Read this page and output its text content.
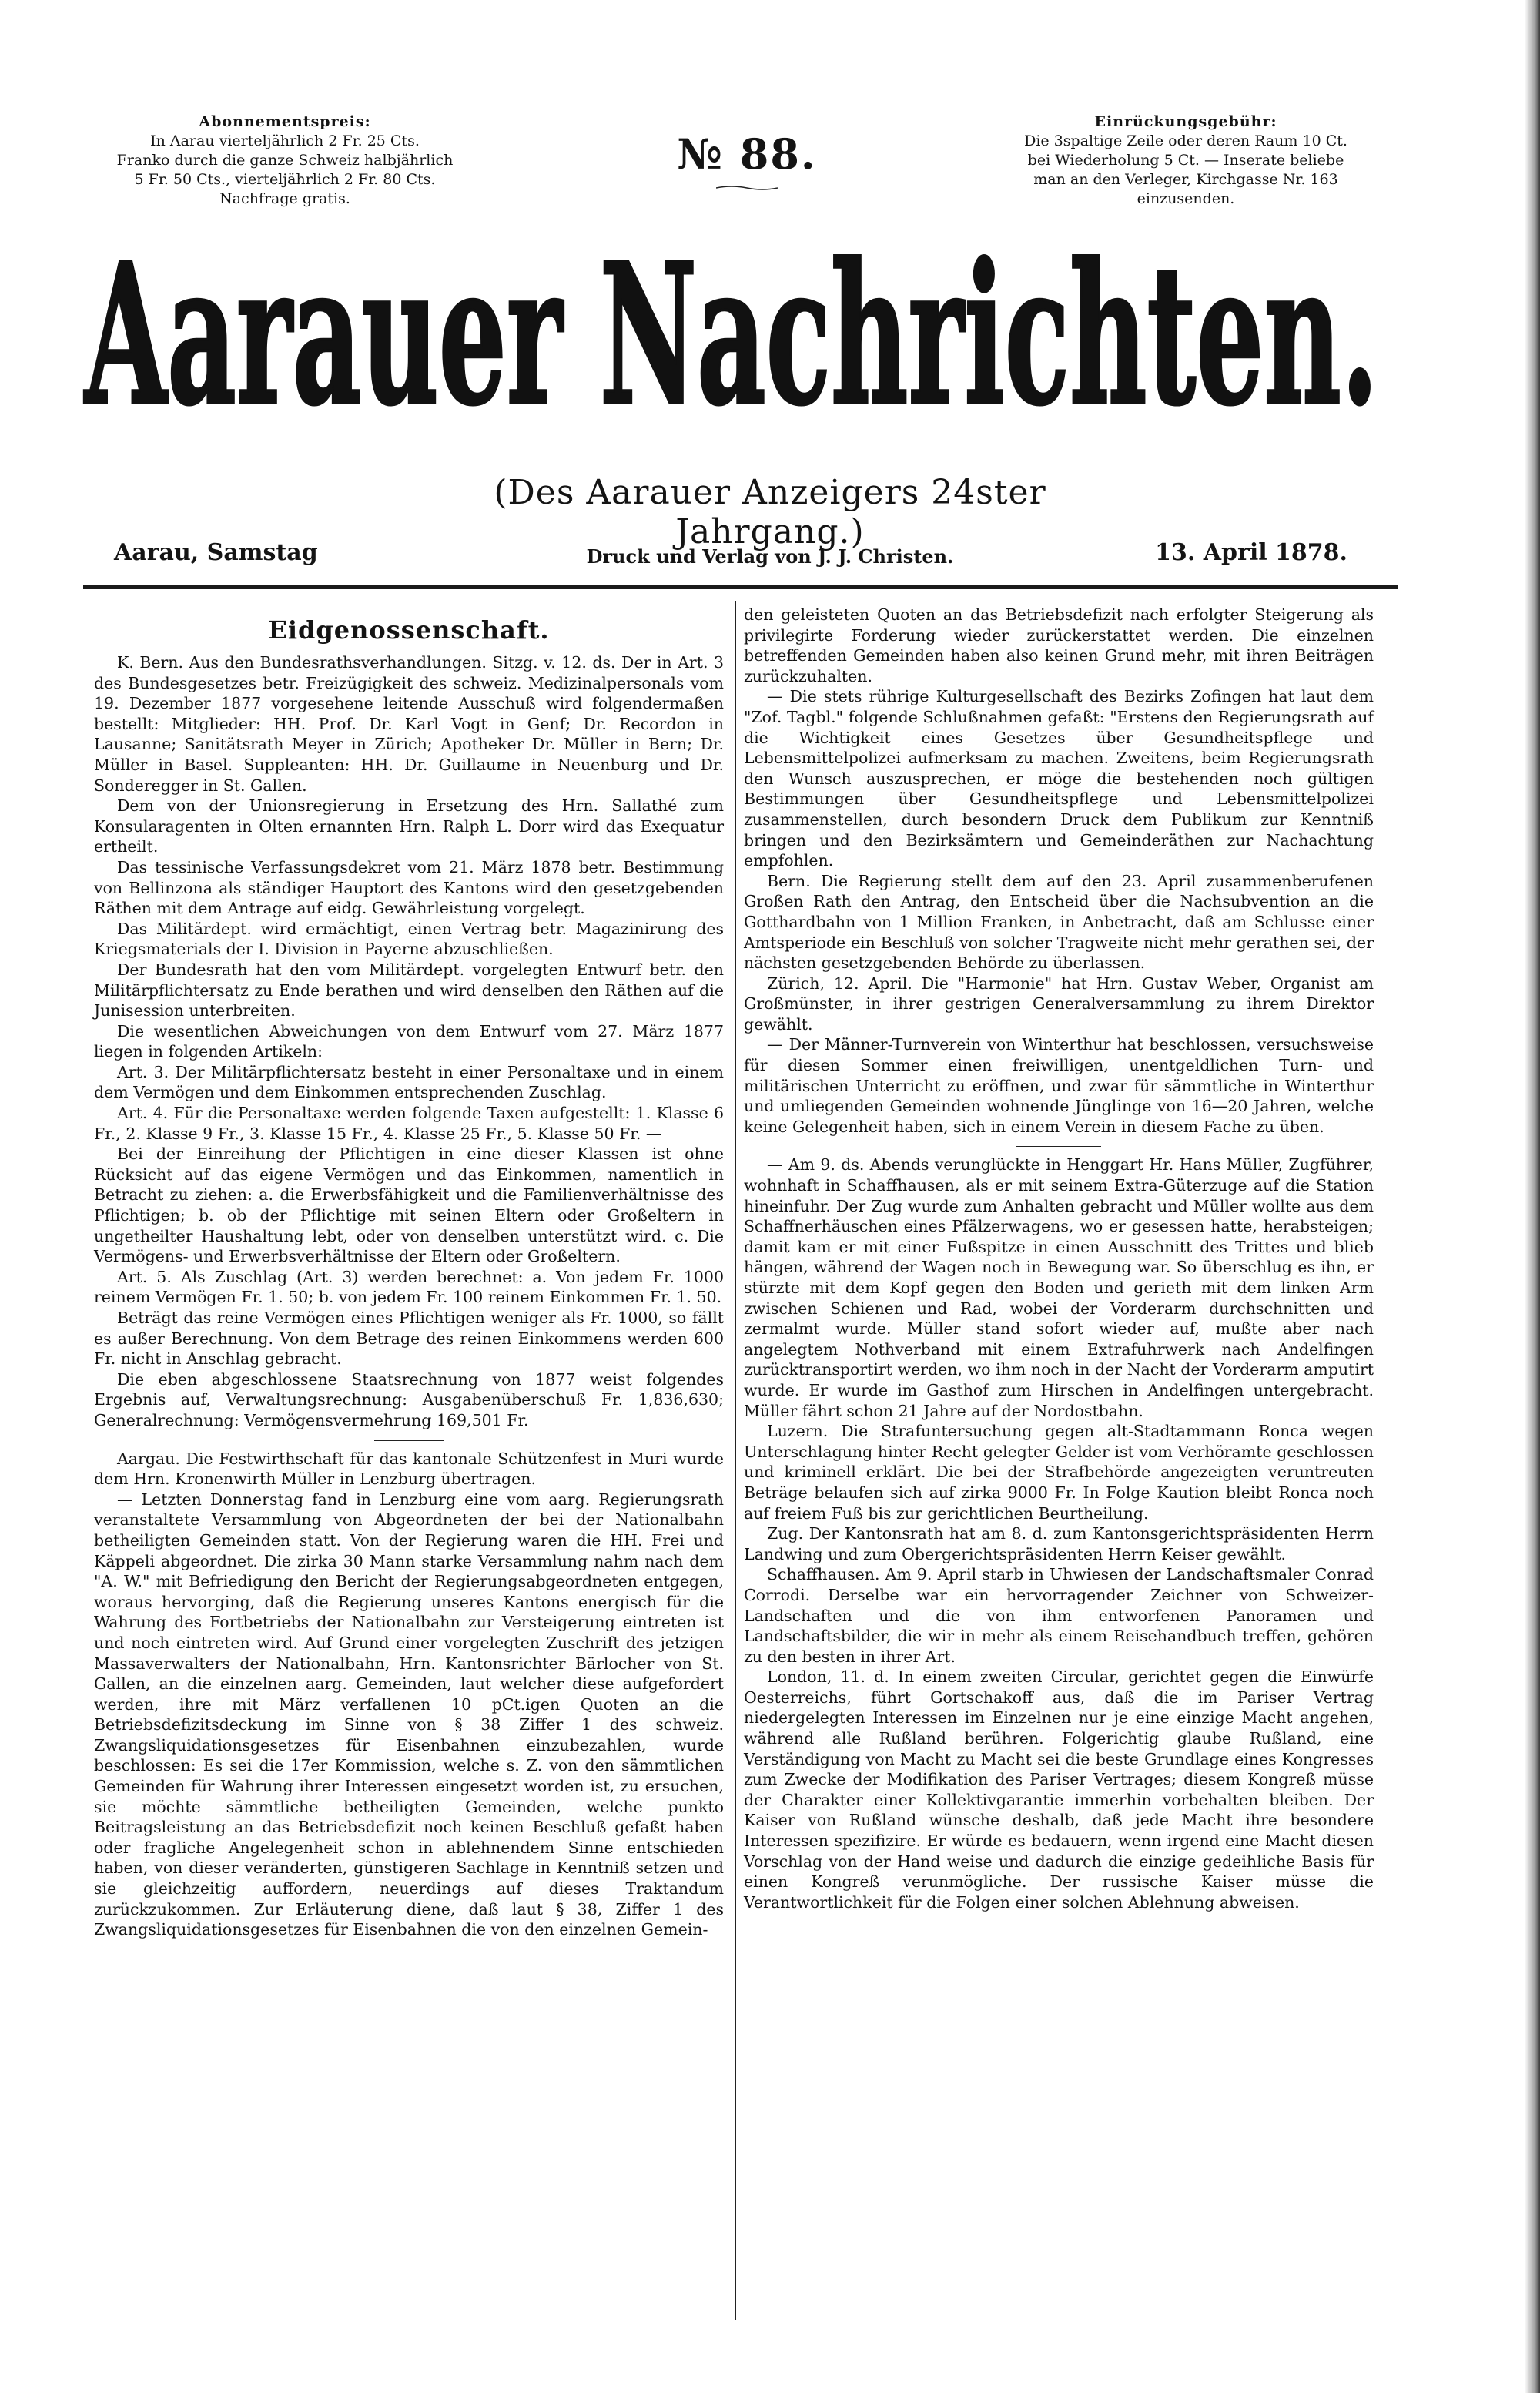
Abonnementspreis:
In Aarau vierteljährlich 2 Fr. 25 Cts.
Franko durch die ganze Schweiz halbjährlich
5 Fr. 50 Cts., vierteljährlich 2 Fr. 80 Cts.
Nachfrage gratis.
№ 88.
Einrückungsgebühr:
Die 3spaltige Zeile oder deren Raum 10 Ct.
bei Wiederholung 5 Ct. — Inserate beliebe
man an den Verleger, Kirchgasse Nr. 163
einzusenden.
Aarauer Nachrichten.
(Des Aarauer Anzeigers 24ster Jahrgang.)
Aarau, Samstag	Druck und Verlag von J. J. Christen.	13. April 1878.
Eidgenossenschaft.

K. Bern. Aus den Bundesrathsverhandlungen. Sitzg. v. 12. ds. Der in Art. 3 des Bundesgesetzes betr. Freizügigkeit des schweiz. Medizinalpersonals vom 19. Dezember 1877 vorgesehene leitende Ausschuß wird folgendermaßen bestellt: Mitglieder: HH. Prof. Dr. Karl Vogt in Genf; Dr. Recordon in Lausanne; Sanitätsrath Meyer in Zürich; Apotheker Dr. Müller in Bern; Dr. Müller in Basel. Suppleanten: HH. Dr. Guillaume in Neuenburg und Dr. Sonderegger in St. Gallen.

Dem von der Unionsregierung in Ersetzung des Hrn. Sallathé zum Konsularagenten in Olten ernannten Hrn. Ralph L. Dorr wird das Exequatur ertheilt.

Das tessinische Verfassungsdekret vom 21. März 1878 betr. Bestimmung von Bellinzona als ständiger Hauptort des Kantons wird den gesetzgebenden Räthen mit dem Antrage auf eidg. Gewährleistung vorgelegt.

Das Militärdept. wird ermächtigt, einen Vertrag betr. Magazinirung des Kriegsmaterials der I. Division in Payerne abzuschließen.

Der Bundesrath hat den vom Militärdept. vorgelegten Entwurf betr. den Militärpflichtersatz zu Ende berathen und wird denselben den Räthen auf die Junisession unterbreiten.

Die wesentlichen Abweichungen von dem Entwurf vom 27. März 1877 liegen in folgenden Artikeln:

Art. 3. Der Militärpflichtersatz besteht in einer Personaltaxe und in einem dem Vermögen und dem Einkommen entsprechenden Zuschlag.

Art. 4. Für die Personaltaxe werden folgende Taxen aufgestellt: 1. Klasse 6 Fr., 2. Klasse 9 Fr., 3. Klasse 15 Fr., 4. Klasse 25 Fr., 5. Klasse 50 Fr. —

Bei der Einreihung der Pflichtigen in eine dieser Klassen ist ohne Rücksicht auf das eigene Vermögen und das Einkommen, namentlich in Betracht zu ziehen: a. die Erwerbsfähigkeit und die Familienverhältnisse des Pflichtigen; b. ob der Pflichtige mit seinen Eltern oder Großeltern in ungetheilter Haushaltung lebt, oder von denselben unterstützt wird. c. Die Vermögens- und Erwerbsverhältnisse der Eltern oder Großeltern.

Art. 5. Als Zuschlag (Art. 3) werden berechnet: a. Von jedem Fr. 1000 reinem Vermögen Fr. 1. 50; b. von jedem Fr. 100 reinem Einkommen Fr. 1. 50.

Beträgt das reine Vermögen eines Pflichtigen weniger als Fr. 1000, so fällt es außer Berechnung. Von dem Betrage des reinen Einkommens werden 600 Fr. nicht in Anschlag gebracht.

Die eben abgeschlossene Staatsrechnung von 1877 weist folgendes Ergebnis auf, Verwaltungsrechnung: Ausgabenüberschuß Fr. 1,836,630; Generalrechnung: Vermögensvermehrung 169,501 Fr.

Aargau. Die Festwirthschaft für das kantonale Schützenfest in Muri wurde dem Hrn. Kronenwirth Müller in Lenzburg übertragen.

— Letzten Donnerstag fand in Lenzburg eine vom aarg. Regierungsrath veranstaltete Versammlung von Abgeordneten der bei der Nationalbahn betheiligten Gemeinden statt. Von der Regierung waren die HH. Frei und Käppeli abgeordnet. Die zirka 30 Mann starke Versammlung nahm nach dem "A. W." mit Befriedigung den Bericht der Regierungsabgeordneten entgegen, woraus hervorging, daß die Regierung unseres Kantons energisch für die Wahrung des Fortbetriebs der Nationalbahn zur Versteigerung eintreten ist und noch eintreten wird. Auf Grund einer vorgelegten Zuschrift des jetzigen Massaverwalters der Nationalbahn, Hrn. Kantonsrichter Bärlocher von St. Gallen, an die einzelnen aarg. Gemeinden, laut welcher diese aufgefordert werden, ihre mit März verfallenen 10 pCt.igen Quoten an die Betriebsdefizitsdeckung im Sinne von § 38 Ziffer 1 des schweiz. Zwangsliquidationsgesetzes für Eisenbahnen einzubezahlen, wurde beschlossen: Es sei die 17er Kommission, welche s. Z. von den sämmtlichen Gemeinden für Wahrung ihrer Interessen eingesetzt worden ist, zu ersuchen, sie möchte sämmtliche betheiligten Gemeinden, welche punkto Beitragsleistung an das Betriebsdefizit noch keinen Beschluß gefaßt haben oder fragliche Angelegenheit schon in ablehnendem Sinne entschieden haben, von dieser veränderten, günstigeren Sachlage in Kenntniß setzen und sie gleichzeitig auffordern, neuerdings auf dieses Traktandum zurückzukommen. Zur Erläuterung diene, daß laut § 38, Ziffer 1 des Zwangsliquidationsgesetzes für Eisenbahnen die von den einzelnen Gemein-

den geleisteten Quoten an das Betriebsdefizit nach erfolgter Steigerung als privilegirte Forderung wieder zurückerstattet werden. Die einzelnen betreffenden Gemeinden haben also keinen Grund mehr, mit ihren Beiträgen zurückzuhalten.

— Die stets rührige Kulturgesellschaft des Bezirks Zofingen hat laut dem "Zof. Tagbl." folgende Schlußnahmen gefaßt: "Erstens den Regierungsrath auf die Wichtigkeit eines Gesetzes über Gesundheitspflege und Lebensmittelpolizei aufmerksam zu machen. Zweitens, beim Regierungsrath den Wunsch auszusprechen, er möge die bestehenden noch gültigen Bestimmungen über Gesundheitspflege und Lebensmittelpolizei zusammenstellen, durch besondern Druck dem Publikum zur Kenntniß bringen und den Bezirksämtern und Gemeinderäthen zur Nachachtung empfohlen.

Bern. Die Regierung stellt dem auf den 23. April zusammenberufenen Großen Rath den Antrag, den Entscheid über die Nachsubvention an die Gotthardbahn von 1 Million Franken, in Anbetracht, daß am Schlusse einer Amtsperiode ein Beschluß von solcher Tragweite nicht mehr gerathen sei, der nächsten gesetzgebenden Behörde zu überlassen.

Zürich, 12. April. Die "Harmonie" hat Hrn. Gustav Weber, Organist am Großmünster, in ihrer gestrigen Generalversammlung zu ihrem Direktor gewählt.

— Der Männer-Turnverein von Winterthur hat beschlossen, versuchsweise für diesen Sommer einen freiwilligen, unentgeldlichen Turn- und militärischen Unterricht zu eröffnen, und zwar für sämmtliche in Winterthur und umliegenden Gemeinden wohnende Jünglinge von 16—20 Jahren, welche keine Gelegenheit haben, sich in einem Verein in diesem Fache zu üben.

— Am 9. ds. Abends verunglückte in Henggart Hr. Hans Müller, Zugführer, wohnhaft in Schaffhausen, als er mit seinem Extra-Güterzuge auf die Station hineinfuhr. Der Zug wurde zum Anhalten gebracht und Müller wollte aus dem Schaffnerhäuschen eines Pfälzerwagens, wo er gesessen hatte, herabsteigen; damit kam er mit einer Fußspitze in einen Ausschnitt des Trittes und blieb hängen, während der Wagen noch in Bewegung war. So überschlug es ihn, er stürzte mit dem Kopf gegen den Boden und gerieth mit dem linken Arm zwischen Schienen und Rad, wobei der Vorderarm durchschnitten und zermalmt wurde. Müller stand sofort wieder auf, mußte aber nach angelegtem Nothverband mit einem Extrafuhrwerk nach Andelfingen zurücktransportirt werden, wo ihm noch in der Nacht der Vorderarm amputirt wurde. Er wurde im Gasthof zum Hirschen in Andelfingen untergebracht. Müller fährt schon 21 Jahre auf der Nordostbahn.

Luzern. Die Strafuntersuchung gegen alt-Stadtammann Ronca wegen Unterschlagung hinter Recht gelegter Gelder ist vom Verhöramte geschlossen und kriminell erklärt. Die bei der Strafbehörde angezeigten veruntreuten Beträge belaufen sich auf zirka 9000 Fr. In Folge Kaution bleibt Ronca noch auf freiem Fuß bis zur gerichtlichen Beurtheilung.

Zug. Der Kantonsrath hat am 8. d. zum Kantonsgerichtspräsidenten Herrn Landwing und zum Obergerichtspräsidenten Herrn Keiser gewählt.

Schaffhausen. Am 9. April starb in Uhwiesen der Landschaftsmaler Conrad Corrodi. Derselbe war ein hervorragender Zeichner von Schweizer-Landschaften und die von ihm entworfenen Panoramen und Landschaftsbilder, die wir in mehr als einem Reisehandbuch treffen, gehören zu den besten in ihrer Art.

London, 11. d. In einem zweiten Circular, gerichtet gegen die Einwürfe Oesterreichs, führt Gortschakoff aus, daß die im Pariser Vertrag niedergelegten Interessen im Einzelnen nur je eine einzige Macht angehen, während alle Rußland berühren. Folgerichtig glaube Rußland, eine Verständigung von Macht zu Macht sei die beste Grundlage eines Kongresses zum Zwecke der Modifikation des Pariser Vertrages; diesem Kongreß müsse der Charakter einer Kollektivgarantie immerhin vorbehalten bleiben. Der Kaiser von Rußland wünsche deshalb, daß jede Macht ihre besondere Interessen spezifizire. Er würde es bedauern, wenn irgend eine Macht diesen Vorschlag von der Hand weise und dadurch die einzige gedeihliche Basis für einen Kongreß verunmögliche. Der russische Kaiser müsse die Verantwortlichkeit für die Folgen einer solchen Ablehnung abweisen.
